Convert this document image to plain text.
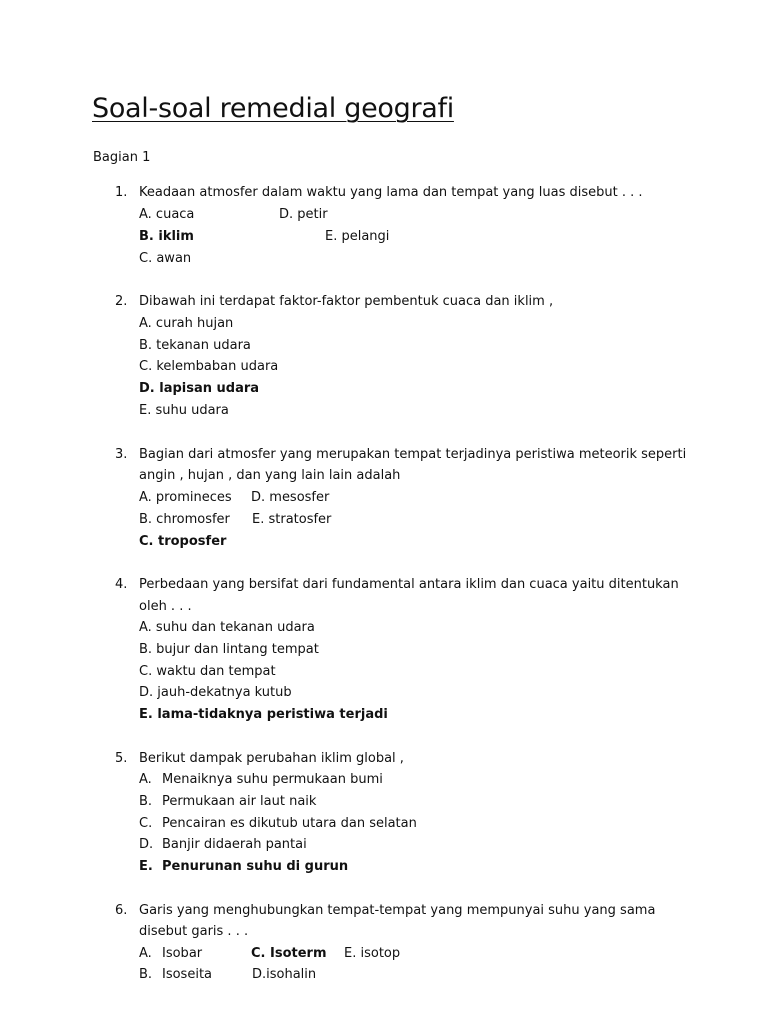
Soal-soal remedial geografi
Bagian 1
1. Keadaan atmosfer dalam waktu yang lama dan tempat yang luas disebut . . .
A. cuaca	D. petir
B. iklim	E. pelangi
C. awan
2. Dibawah ini terdapat faktor-faktor pembentuk cuaca dan iklim ,
A. curah hujan
B. tekanan udara
C. kelembaban udara
D. lapisan udara
E. suhu udara
3. Bagian dari atmosfer yang merupakan tempat terjadinya peristiwa meteorik seperti
angin , hujan , dan yang lain lain adalah
A. promineces D. mesosfer
B. chromosfer E. stratosfer
C. troposfer
4. Perbedaan yang bersifat dari fundamental antara iklim dan cuaca yaitu ditentukan
oleh . . .
A. suhu dan tekanan udara
B. bujur dan lintang tempat
C. waktu dan tempat
D. jauh-dekatnya kutub
E. lama-tidaknya peristiwa terjadi
5. Berikut dampak perubahan iklim global ,
A. Menaiknya suhu permukaan bumi
B. Permukaan air laut naik
C. Pencairan es dikutub utara dan selatan
D. Banjir didaerah pantai
E. Penurunan suhu di gurun
6. Garis yang menghubungkan tempat-tempat yang mempunyai suhu yang sama
disebut garis . . .
A. Isobar	C. Isoterm E. isotop
B. Isoseita	D.isohalin
